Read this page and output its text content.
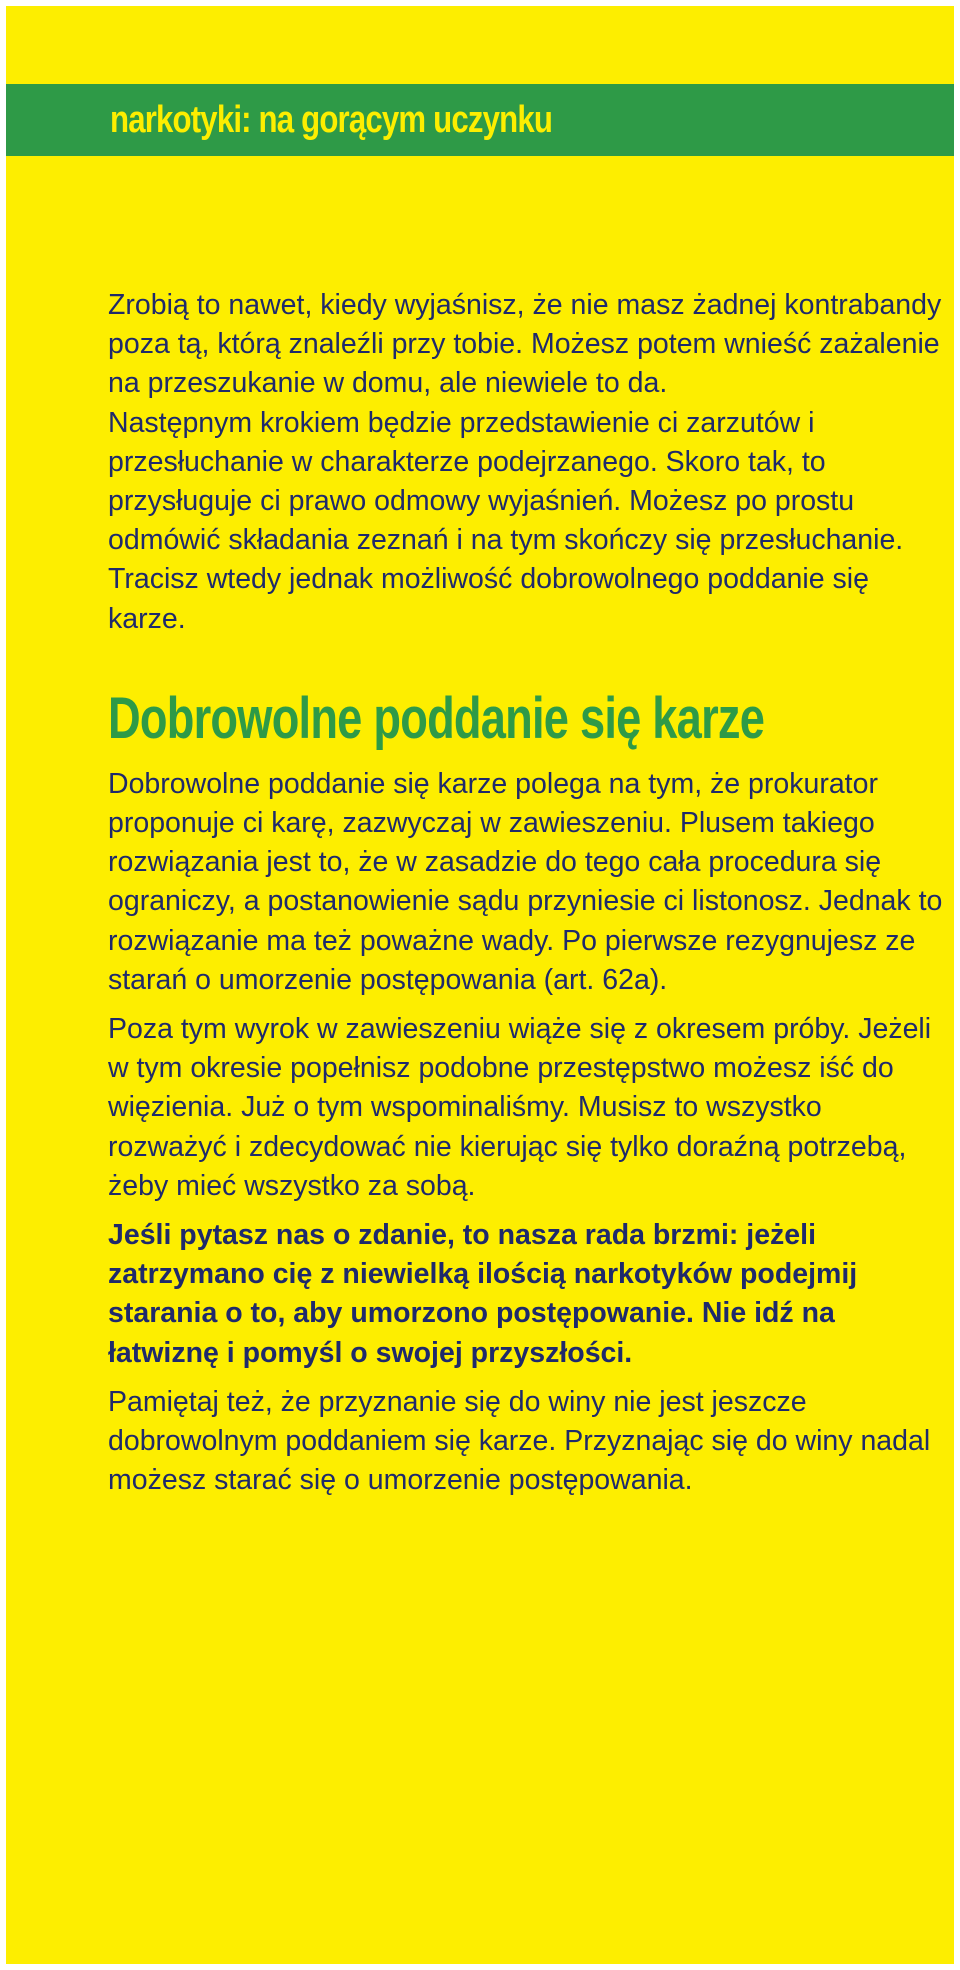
narkotyki: na gorącym uczynku

Zrobią to nawet, kiedy wyjaśnisz, że nie masz żadnej kontrabandy poza tą, którą znaleźli przy tobie. Możesz potem wnieść zażalenie na przeszukanie w domu, ale niewiele to da.

Następnym krokiem będzie przedstawienie ci zarzutów i przesłuchanie w charakterze podejrzanego. Skoro tak, to przysługuje ci prawo odmowy wyjaśnień. Możesz po prostu odmówić składania zeznań i na tym skończy się przesłuchanie. Tracisz wtedy jednak możliwość dobrowolnego poddanie się karze.

Dobrowolne poddanie się karze

Dobrowolne poddanie się karze polega na tym, że prokurator proponuje ci karę, zazwyczaj w zawieszeniu. Plusem takiego rozwiązania jest to, że w zasadzie do tego cała procedura się ograniczy, a postanowienie sądu przyniesie ci listonosz. Jednak to rozwiązanie ma też poważne wady. Po pierwsze rezygnujesz ze starań o umorzenie postępowania (art. 62a).

Poza tym wyrok w zawieszeniu wiąże się z okresem próby. Jeżeli w tym okresie popełnisz podobne przestępstwo możesz iść do więzienia. Już o tym wspominaliśmy. Musisz to wszystko rozważyć i zdecydować nie kierując się tylko doraźną potrzebą, żeby mieć wszystko za sobą.

Jeśli pytasz nas o zdanie, to nasza rada brzmi: jeżeli zatrzymano cię z niewielką ilością narkotyków podejmij starania o to, aby umorzono postępowanie. Nie idź na łatwiznę i pomyśl o swojej przyszłości.

Pamiętaj też, że przyznanie się do winy nie jest jeszcze dobrowolnym poddaniem się karze. Przyznając się do winy nadal możesz starać się o umorzenie postępowania.
